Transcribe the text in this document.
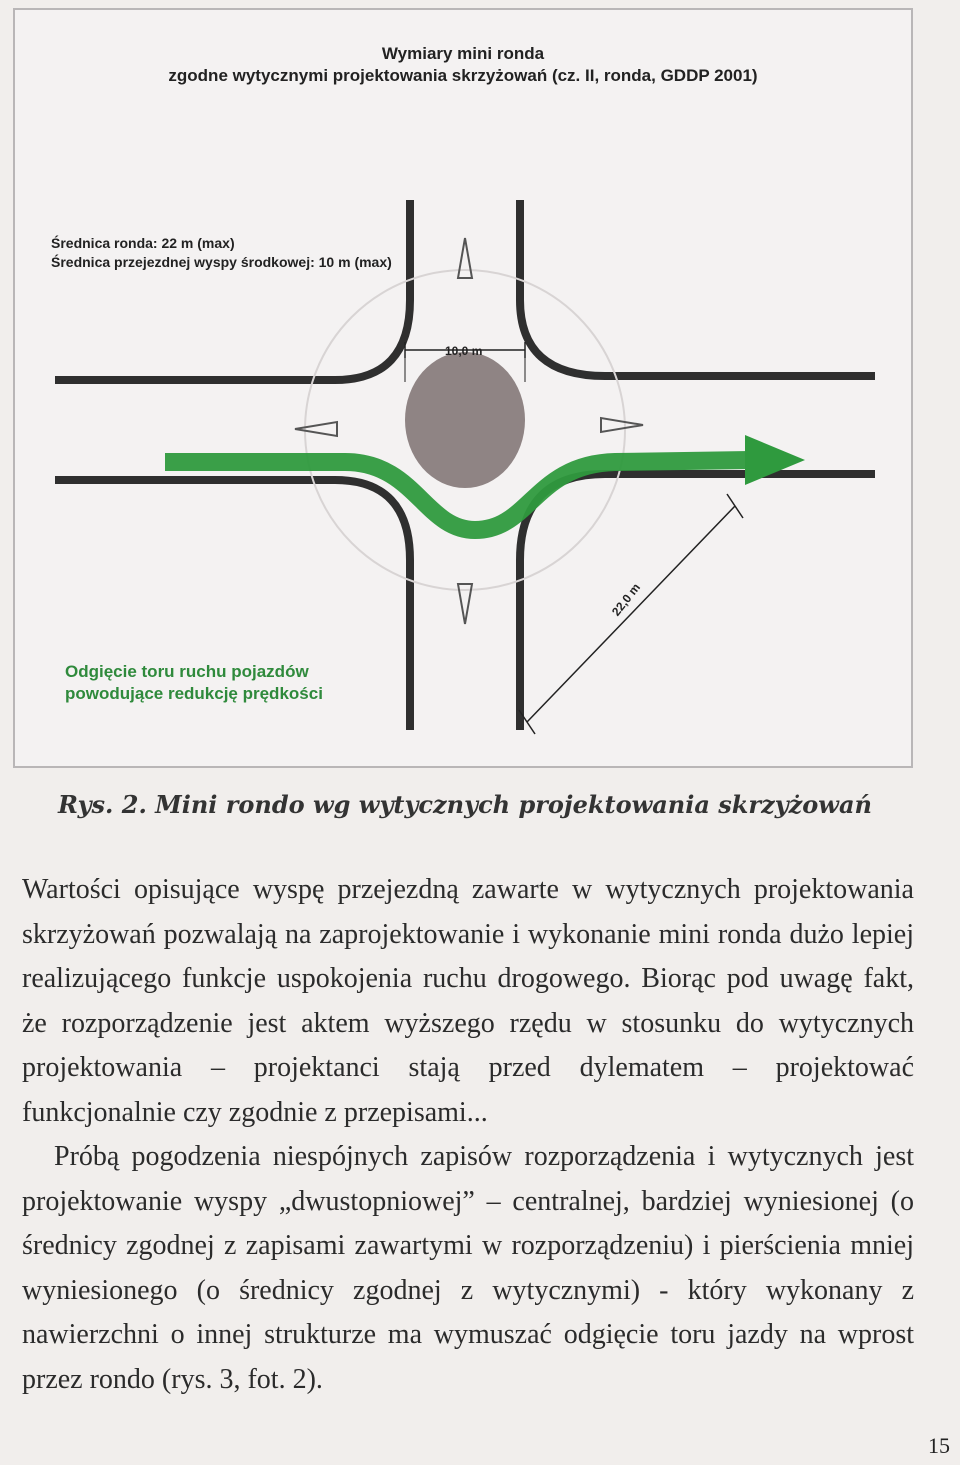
Wymiary mini ronda
zgodne wytycznymi projektowania skrzyżowań (cz. II, ronda, GDDP 2001)
Średnica ronda: 22 m (max)
Średnica przejezdnej wyspy środkowej: 10 m (max)
10,0 m
22,0 m
Odgięcie toru ruchu pojazdów
powodujące redukcję prędkości

Rys. 2. Mini rondo wg wytycznych projektowania skrzyżowań

Wartości opisujące wyspę przejezdną zawarte w wytycznych projektowania skrzyżowań pozwalają na zaprojektowanie i wykonanie mini ronda dużo lepiej realizującego funkcje uspokojenia ruchu drogowego. Biorąc pod uwagę fakt, że rozporządzenie jest aktem wyższego rzędu w stosunku do wytycznych projektowania – projektanci stają przed dylematem – projektować funkcjonalnie czy zgodnie z przepisami...

Próbą pogodzenia niespójnych zapisów rozporządzenia i wytycznych jest projektowanie wyspy „dwustopniowej” – centralnej, bardziej wyniesionej (o średnicy zgodnej z zapisami zawartymi w rozporządzeniu) i pierścienia mniej wyniesionego (o średnicy zgodnej z wytycznymi) - który wykonany z nawierzchni o innej strukturze ma wymuszać odgięcie toru jazdy na wprost przez rondo (rys. 3, fot. 2).

15
